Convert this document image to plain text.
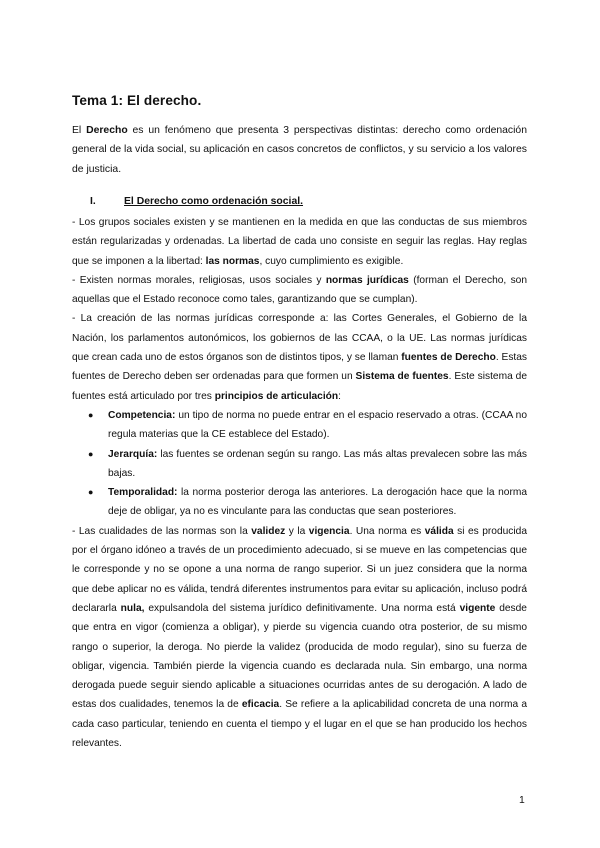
Tema 1: El derecho.

El Derecho es un fenómeno que presenta 3 perspectivas distintas: derecho como ordenación general de la vida social, su aplicación en casos concretos de conflictos, y su servicio a los valores de justicia.

I.	El Derecho como ordenación social.

- Los grupos sociales existen y se mantienen en la medida en que las conductas de sus miembros están regularizadas y ordenadas. La libertad de cada uno consiste en seguir las reglas. Hay reglas que se imponen a la libertad: las normas, cuyo cumplimiento es exigible.

- Existen normas morales, religiosas, usos sociales y normas jurídicas (forman el Derecho, son aquellas que el Estado reconoce como tales, garantizando que se cumplan).

- La creación de las normas jurídicas corresponde a: las Cortes Generales, el Gobierno de la Nación, los parlamentos autonómicos, los gobiernos de las CCAA, o la UE. Las normas jurídicas que crean cada uno de estos órganos son de distintos tipos, y se llaman fuentes de Derecho. Estas fuentes de Derecho deben ser ordenadas para que formen un Sistema de fuentes. Este sistema de fuentes está articulado por tres principios de articulación:

● Competencia: un tipo de norma no puede entrar en el espacio reservado a otras. (CCAA no regula materias que la CE establece del Estado).
● Jerarquía: las fuentes se ordenan según su rango. Las más altas prevalecen sobre las más bajas.
● Temporalidad: la norma posterior deroga las anteriores. La derogación hace que la norma deje de obligar, ya no es vinculante para las conductas que sean posteriores.

- Las cualidades de las normas son la validez y la vigencia. Una norma es válida si es producida por el órgano idóneo a través de un procedimiento adecuado, si se mueve en las competencias que le corresponde y no se opone a una norma de rango superior. Si un juez considera que la norma que debe aplicar no es válida, tendrá diferentes instrumentos para evitar su aplicación, incluso podrá declararla nula, expulsandola del sistema jurídico definitivamente. Una norma está vigente desde que entra en vigor (comienza a obligar), y pierde su vigencia cuando otra posterior, de su mismo rango o superior, la deroga. No pierde la validez (producida de modo regular), sino su fuerza de obligar, vigencia. También pierde la vigencia cuando es declarada nula. Sin embargo, una norma derogada puede seguir siendo aplicable a situaciones ocurridas antes de su derogación. A lado de estas dos cualidades, tenemos la de eficacia. Se refiere a la aplicabilidad concreta de una norma a cada caso particular, teniendo en cuenta el tiempo y el lugar en el que se han producido los hechos relevantes.

1
